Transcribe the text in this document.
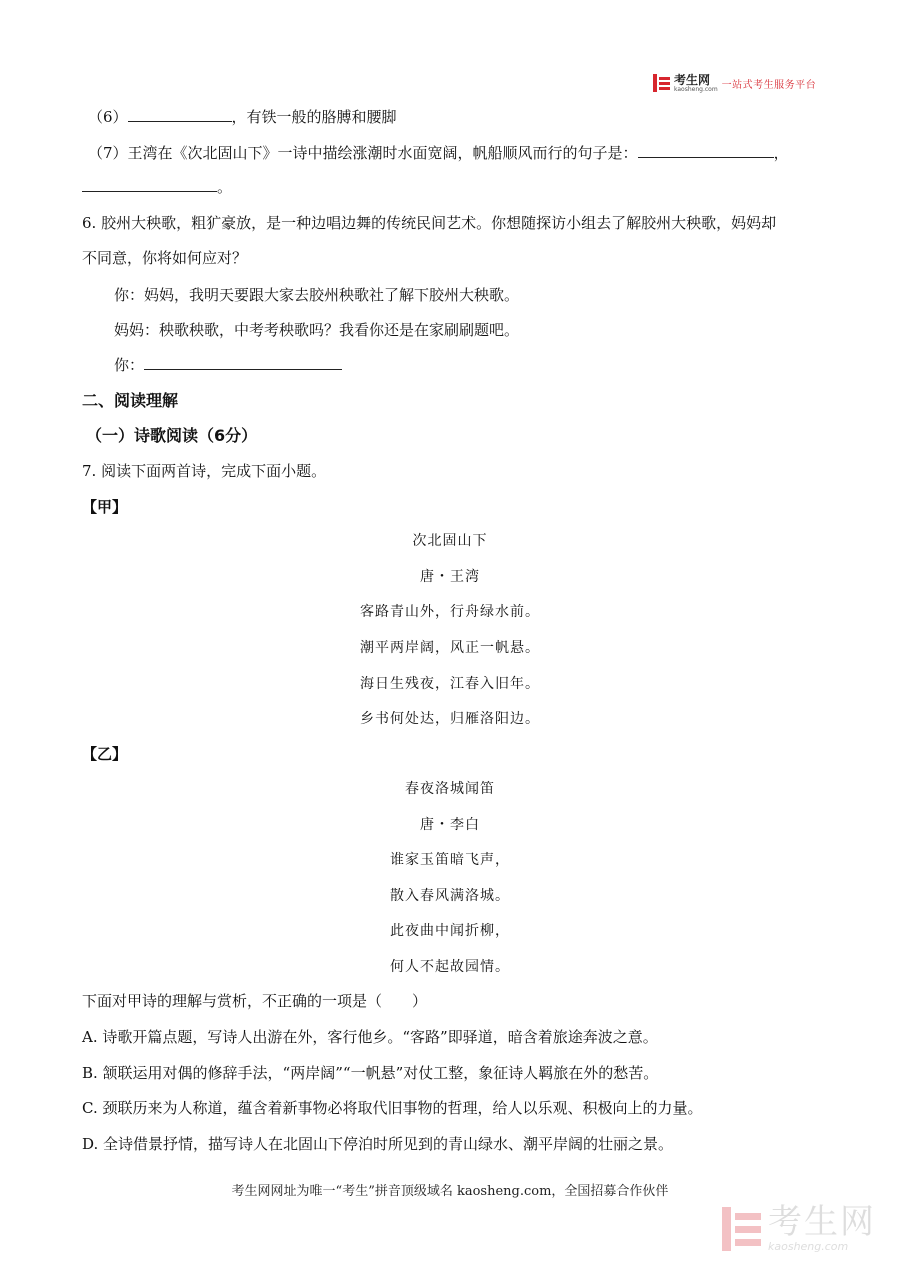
考生网
kaosheng.com 一站式考生服务平台
（6）	，有铁一般的胳膊和腰脚
（7）王湾在《次北固山下》一诗中描绘涨潮时水面宽阔，帆船顺风而行的句子是：	，
。
6. 胶州大秧歌，粗犷豪放，是一种边唱边舞的传统民间艺术。你想随探访小组去了解胶州大秧歌，妈妈却
不同意，你将如何应对？
你：妈妈，我明天要跟大家去胶州秧歌社了解下胶州大秧歌。
妈妈：秧歌秧歌，中考考秧歌吗？我看你还是在家刷刷题吧。
你：
二、阅读理解
（一）诗歌阅读（6分）
7. 阅读下面两首诗，完成下面小题。
【甲】
次北固山下
唐・王湾
客路青山外，行舟绿水前。
潮平两岸阔，风正一帆悬。
海日生残夜，江春入旧年。
乡书何处达，归雁洛阳边。
【乙】
春夜洛城闻笛
唐・李白
谁家玉笛暗飞声，
散入春风满洛城。
此夜曲中闻折柳，
何人不起故园情。
下面对甲诗的理解与赏析，不正确的一项是（　　）
A. 诗歌开篇点题，写诗人出游在外，客行他乡。“客路”即驿道，暗含着旅途奔波之意。
B. 颔联运用对偶的修辞手法，“两岸阔”“一帆悬”对仗工整，象征诗人羁旅在外的愁苦。
C. 颈联历来为人称道，蕴含着新事物必将取代旧事物的哲理，给人以乐观、积极向上的力量。
D. 全诗借景抒情，描写诗人在北固山下停泊时所见到的青山绿水、潮平岸阔的壮丽之景。
考生网网址为唯一“考生”拼音顶级域名 kaosheng.com，全国招募合作伙伴
考生网
kaosheng.com
